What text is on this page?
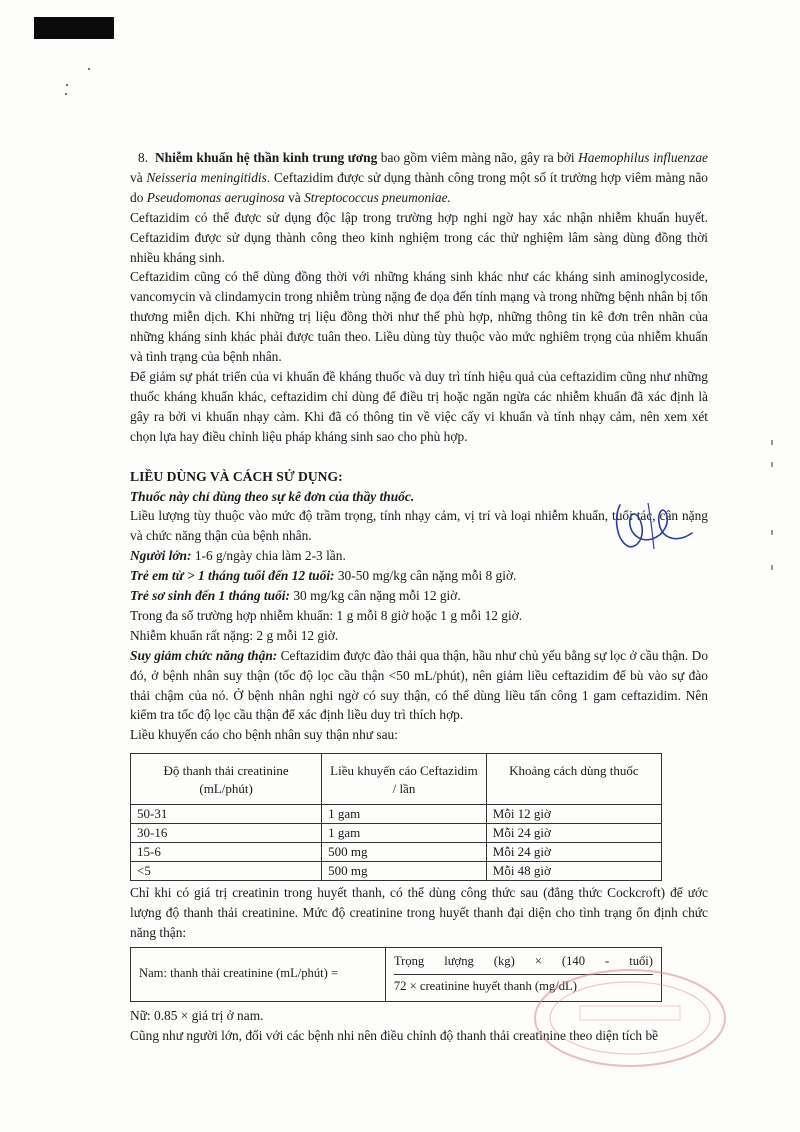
8. Nhiễm khuẩn hệ thần kinh trung ương bao gồm viêm màng não, gây ra bởi Haemophilus influenzae và Neisseria meningitidis. Ceftazidim được sử dụng thành công trong một số ít trường hợp viêm màng não do Pseudomonas aeruginosa và Streptococcus pneumoniae.

Ceftazidim có thể được sử dụng độc lập trong trường hợp nghi ngờ hay xác nhận nhiễm khuẩn huyết. Ceftazidim được sử dụng thành công theo kinh nghiệm trong các thử nghiệm lâm sàng dùng đồng thời nhiều kháng sinh.

Ceftazidim cũng có thể dùng đồng thời với những kháng sinh khác như các kháng sinh aminoglycoside, vancomycin và clindamycin trong nhiễm trùng nặng đe dọa đến tính mạng và trong những bệnh nhân bị tổn thương miễn dịch. Khi những trị liệu đồng thời như thế phù hợp, những thông tin kê đơn trên nhãn của những kháng sinh khác phải được tuân theo. Liều dùng tùy thuộc vào mức nghiêm trọng của nhiễm khuẩn và tình trạng của bệnh nhân.

Để giảm sự phát triển của vi khuẩn đề kháng thuốc và duy trì tính hiệu quả của ceftazidim cũng như những thuốc kháng khuẩn khác, ceftazidim chỉ dùng để điều trị hoặc ngăn ngừa các nhiễm khuẩn đã xác định là gây ra bởi vi khuẩn nhạy cảm. Khi đã có thông tin về việc cấy vi khuẩn và tính nhạy cảm, nên xem xét chọn lựa hay điều chỉnh liệu pháp kháng sinh sao cho phù hợp.

LIỀU DÙNG VÀ CÁCH SỬ DỤNG:

Thuốc này chỉ dùng theo sự kê đơn của thầy thuốc.

Liều lượng tùy thuộc vào mức độ trầm trọng, tính nhạy cảm, vị trí và loại nhiễm khuẩn, tuổi tác, cân nặng và chức năng thận của bệnh nhân.

Người lớn: 1-6 g/ngày chia làm 2-3 lần.

Trẻ em từ > 1 tháng tuổi đến 12 tuổi: 30-50 mg/kg cân nặng mỗi 8 giờ.

Trẻ sơ sinh đến 1 tháng tuổi: 30 mg/kg cân nặng mỗi 12 giờ.

Trong đa số trường hợp nhiễm khuẩn: 1 g mỗi 8 giờ hoặc 1 g mỗi 12 giờ.

Nhiễm khuẩn rất nặng: 2 g mỗi 12 giờ.

Suy giảm chức năng thận: Ceftazidim được đào thải qua thận, hầu như chủ yếu bằng sự lọc ở cầu thận. Do đó, ở bệnh nhân suy thận (tốc độ lọc cầu thận <50 mL/phút), nên giảm liều ceftazidim để bù vào sự đào thải chậm của nó. Ở bệnh nhân nghi ngờ có suy thận, có thể dùng liều tấn công 1 gam ceftazidim. Nên kiểm tra tốc độ lọc cầu thận để xác định liều duy trì thích hợp.

Liều khuyến cáo cho bệnh nhân suy thận như sau:

Độ thanh thải creatinine (mL/phút)	Liều khuyến cáo Ceftazidim / lần	Khoảng cách dùng thuốc
50-31	1 gam	Mỗi 12 giờ
30-16	1 gam	Mỗi 24 giờ
15-6	500 mg	Mỗi 24 giờ
<5	500 mg	Mỗi 48 giờ

Chỉ khi có giá trị creatinin trong huyết thanh, có thể dùng công thức sau (đẳng thức Cockcroft) để ước lượng độ thanh thải creatinine. Mức độ creatinine trong huyết thanh đại diện cho tình trạng ổn định chức năng thận:

Nam: thanh thải creatinine (mL/phút) =	
Trọng lượng (kg) × (140 - tuổi)
72 × creatinine huyết thanh (mg/dL)

Nữ: 0.85 × giá trị ở nam.

Cũng như người lớn, đối với các bệnh nhi nên điều chỉnh độ thanh thải creatinine theo diện tích bề
